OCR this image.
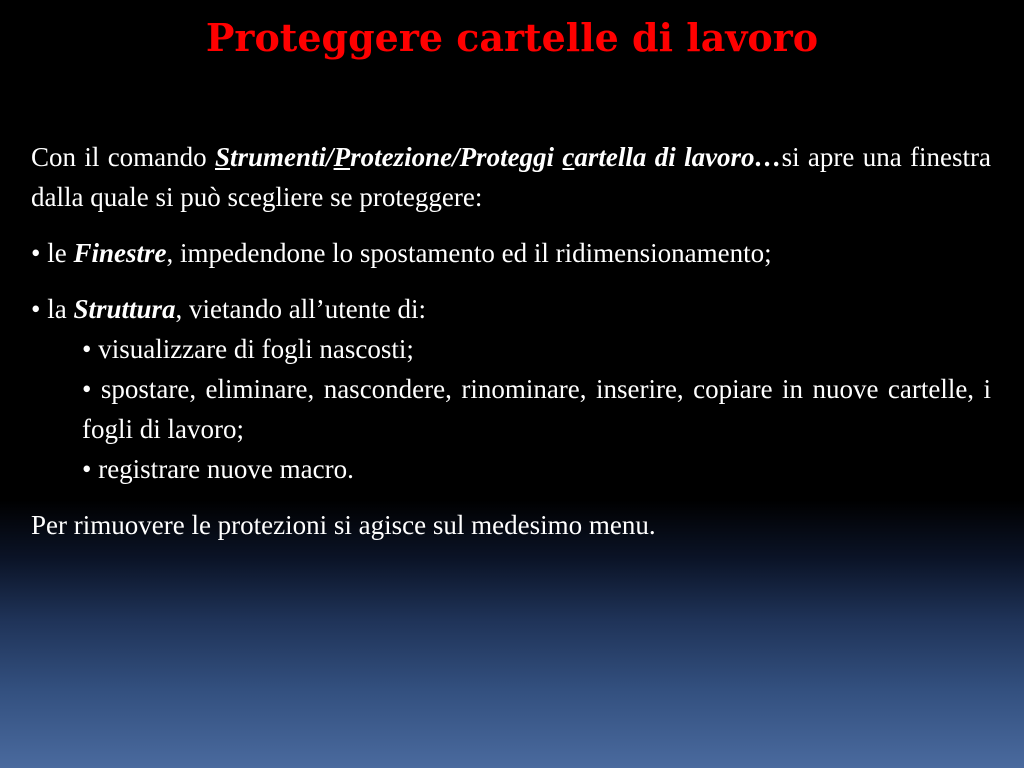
Proteggere cartelle di lavoro

Con il comando Strumenti/Protezione/Proteggi cartella di lavoro…si apre una finestra dalla quale si può scegliere se proteggere:

• le Finestre, impedendone lo spostamento ed il ridimensionamento;

• la Struttura, vietando all’utente di:

• visualizzare di fogli nascosti;

• spostare, eliminare, nascondere, rinominare, inserire, copiare in nuove cartelle, i fogli di lavoro;

• registrare nuove macro.

Per rimuovere le protezioni si agisce sul medesimo menu.
